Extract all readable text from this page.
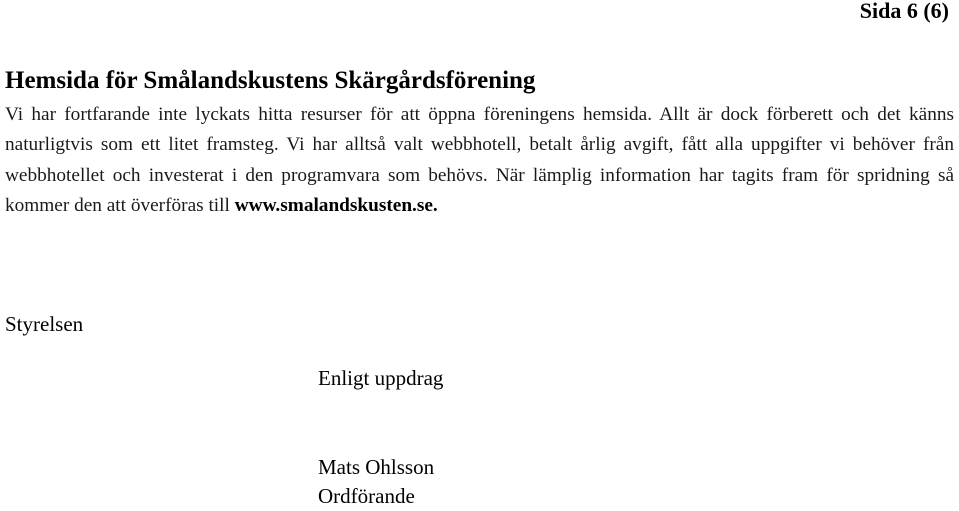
Sida 6 (6)
Hemsida för Smålandskustens Skärgårdsförening

Vi har fortfarande inte lyckats hitta resurser för att öppna föreningens hemsida. Allt är dock förberett och det känns naturligtvis som ett litet framsteg. Vi har alltså valt webbhotell, betalt årlig avgift, fått alla uppgifter vi behöver från webbhotellet och investerat i den programvara som behövs. När lämplig information har tagits fram för spridning så kommer den att överföras till www.smalandskusten.se.

Styrelsen
Enligt uppdrag
Mats Ohlsson
Ordförande
